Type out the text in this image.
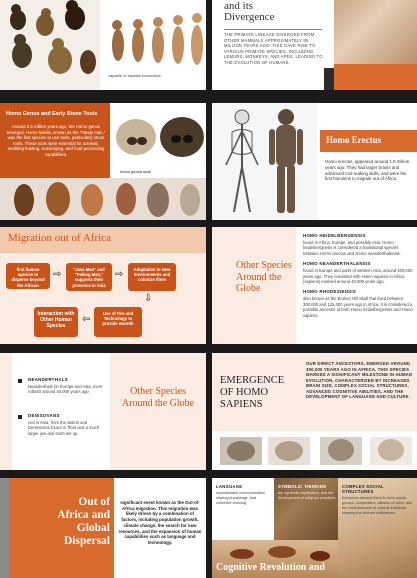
capable of bipedal locomotive.
and its
Divergence
THE PRIMATE LINEAGE DIVERGED FROM OTHER MAMMALS APPROXIMATELY 85 MILLION YEARS AGO. THIS GAVE RISE TO VARIOUS PRIMATE SPECIES, INCLUDING LEMURS, MONKEYS, AND APES, LEADING TO THE EVOLUTION OF HUMANS.
Homo Genus and Early Stone Tools
Around 2.5 million years ago, the Homo genus emerged. Homo habilis, known as the "handy man," was the first species to use tools, particularly stone tools. These tools were essential for survival, enabling hunting, scavenging, and food processing capabilities.
homo genus skull
Homo Erectus
Homo erectus, appeared around 1.8 million years ago. They had larger brains and advanced tool-making skills, and were the first hominins to migrate out of Africa
Migration out of Africa
first human species to disperse beyond the African continent
⇨	"Java Man" and "Peking Man," supports their presence in Asia
⇨	Adaptation to New Environments and colonize them
⇩
Interaction with Other Human Species
⇦
Use of Fire and Technology to provide warmth
Other Species Around the Globe
HOMO HEIDELBERGENSIS
found in Africa, Europe, and possibly Asia. Homo heidelbergensis is considered a transitional species between Homo erectus and Homo neanderthalensis.
HOMO NEANDERTHALENSIS
found in Europe and parts of western Asia, around 400,000 years ago. They coexisted with Homo sapiens in Africa (sapiens) evolved around 40,000 years ago.
HOMO RHODESIENSIS
also known as the Broken Hill Skull that lived between 300,000 and 125,000 years ago in Africa. It is considered a possible ancestor of both Homo heidelbergensis and Homo sapiens.
NEANDERTHALS
Neanderthals (in Europe and Asia, more robust) around 40,000 years ago
DENISOVANS
ced in Asia, from the widest and Denisovans found in Tibet and a much larger jaw and tooth set up
Other Species Around the Globe
EMERGENCE
OF HOMO
SAPIENS
OUR DIRECT ANCESTORS, EMERGED AROUND 300,000 YEARS AGO IN AFRICA. THIS SPECIES MARKED A SIGNIFICANT MILESTONE IN HUMAN EVOLUTION, CHARACTERIZED BY INCREASED BRAIN SIZE, COMPLEX SOCIAL STRUCTURES, ADVANCED COGNITIVE ABILITIES, AND THE DEVELOPMENT OF LANGUAGE AND CULTURE.
Out of
Africa and
Global
Dispersal
significant event known as the Out-of-Africa migration. This migration was likely driven by a combination of factors, including population growth, climate change, the search for new resources, and the expansion of human capabilities such as language and technology.
LANGUAGE
sophisticated communication, sharing knowledge, and collective learning
SYMBOLIC THINKING
art, symbolic expression, and the development of religious practices
COMPLEX SOCIAL STRUCTURES
behaviors allowed them to form social groups, cooperation, division of labor, and the establishment of cultural traditions, shaping the diverse civilizations
Cognitive Revolution and
